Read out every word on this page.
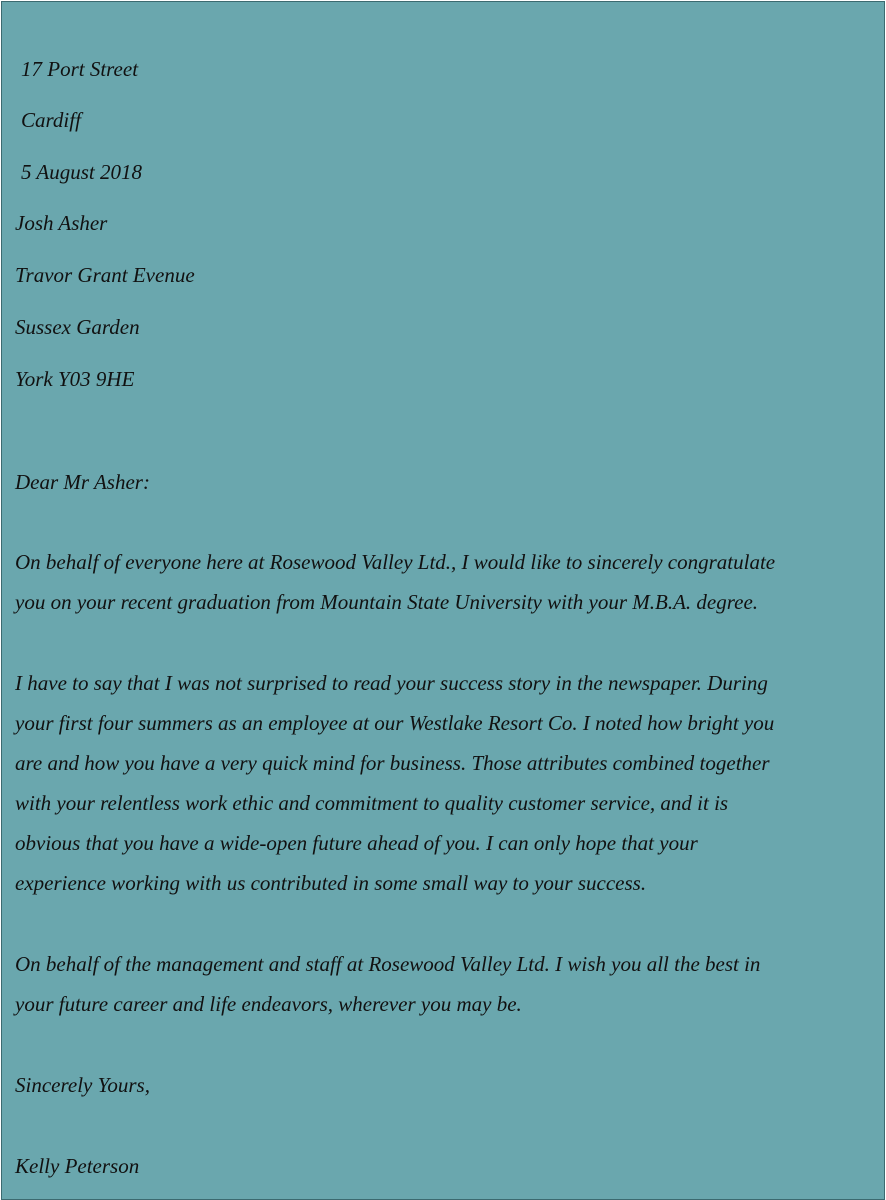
17 Port Street
Cardiff
5 August 2018
Josh Asher
Travor Grant Evenue
Sussex Garden
York Y03 9HE
Dear Mr Asher:
On behalf of everyone here at Rosewood Valley Ltd., I would like to sincerely congratulate
you on your recent graduation from Mountain State University with your M.B.A. degree.
I have to say that I was not surprised to read your success story in the newspaper. During
your first four summers as an employee at our Westlake Resort Co. I noted how bright you
are and how you have a very quick mind for business. Those attributes combined together
with your relentless work ethic and commitment to quality customer service, and it is
obvious that you have a wide-open future ahead of you. I can only hope that your
experience working with us contributed in some small way to your success.
On behalf of the management and staff at Rosewood Valley Ltd. I wish you all the best in
your future career and life endeavors, wherever you may be.
Sincerely Yours,
Kelly Peterson
